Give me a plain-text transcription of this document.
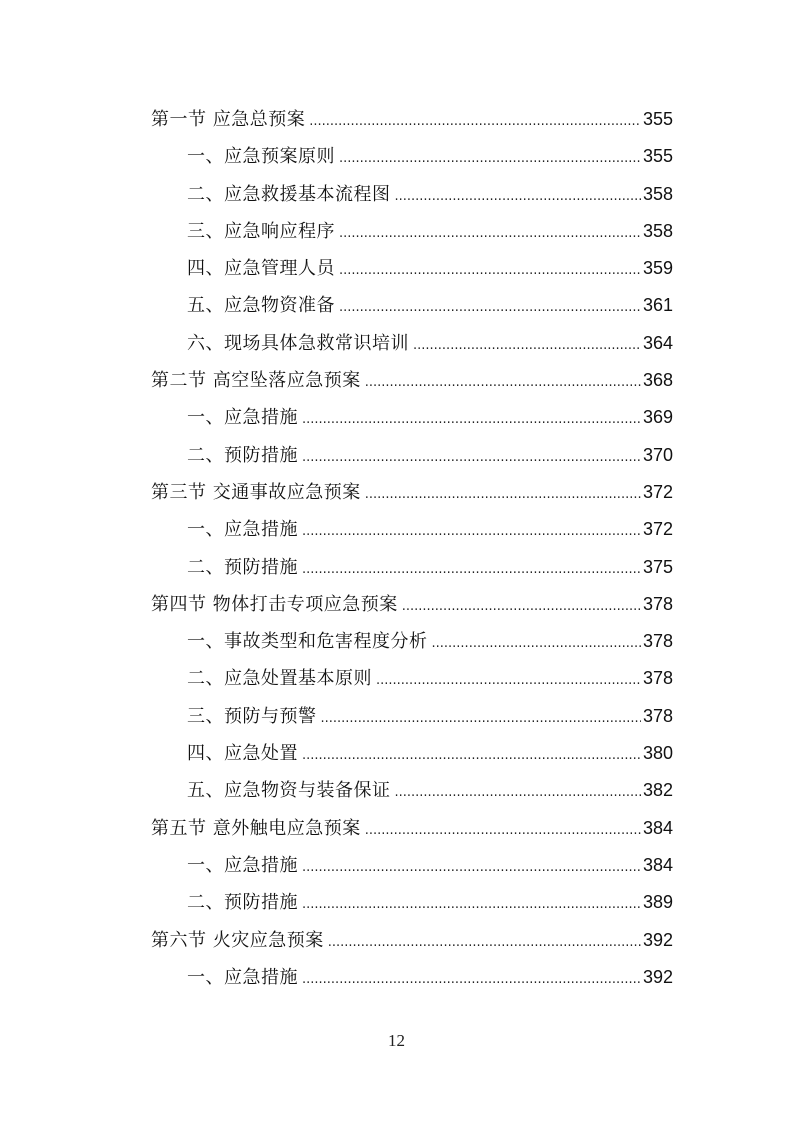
第一节 应急总预案 .....	355
一、应急预案原则 .....	355
二、应急救援基本流程图 .....	358
三、应急响应程序 .....	358
四、应急管理人员 .....	359
五、应急物资准备 .....	361
六、现场具体急救常识培训 .....	364
第二节 高空坠落应急预案 .....	368
一、应急措施 .....	369
二、预防措施 .....	370
第三节 交通事故应急预案 .....	372
一、应急措施 .....	372
二、预防措施 .....	375
第四节 物体打击专项应急预案 .....	378
一、事故类型和危害程度分析 .....	378
二、应急处置基本原则 .....	378
三、预防与预警 .....	378
四、应急处置 .....	380
五、应急物资与装备保证 .....	382
第五节 意外触电应急预案 .....	384
一、应急措施 .....	384
二、预防措施 .....	389
第六节 火灾应急预案 .....	392
一、应急措施 .....	392
12
